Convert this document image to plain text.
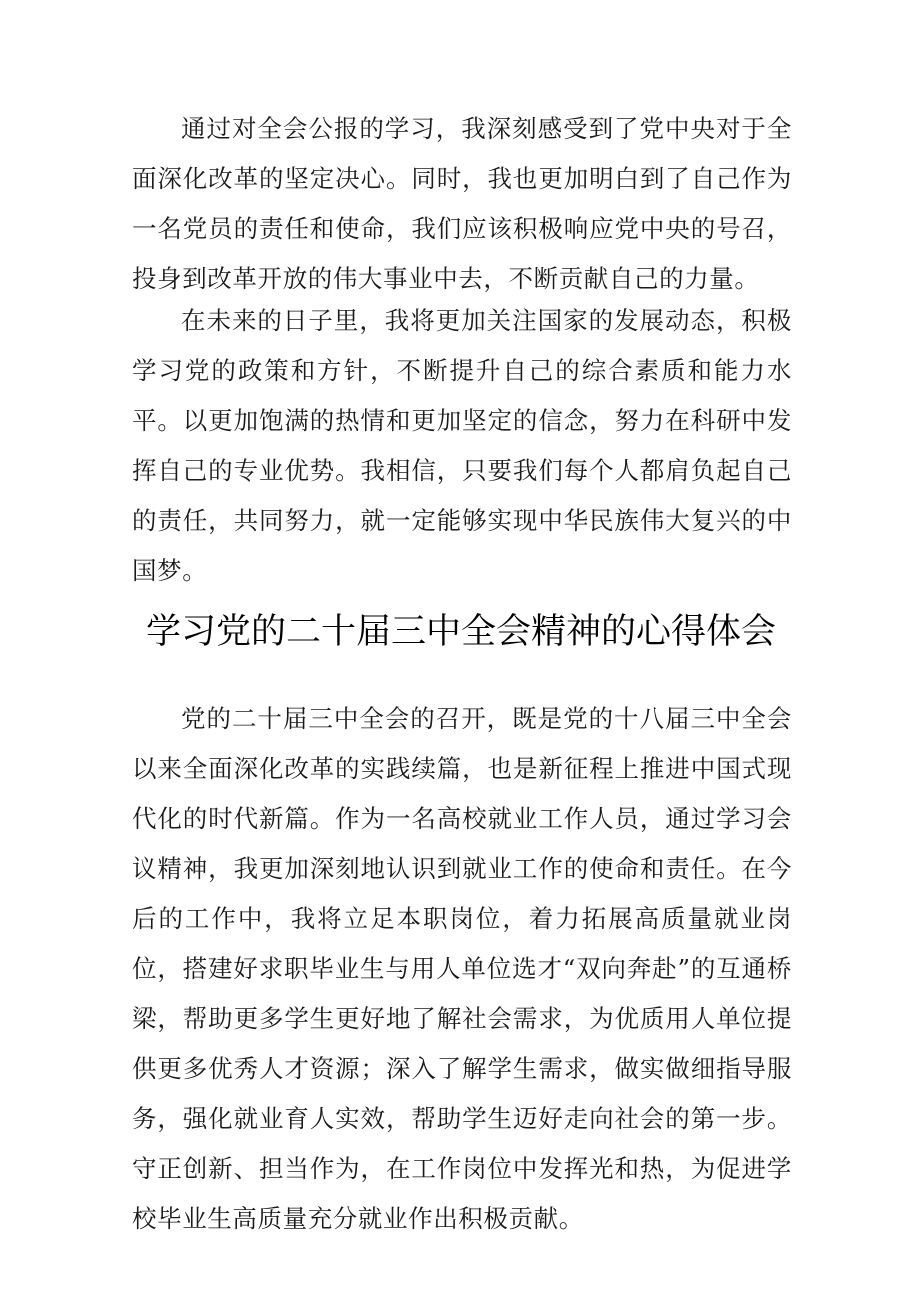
通过对全会公报的学习，我深刻感受到了党中央对于全面深化改革的坚定决心。同时，我也更加明白到了自己作为一名党员的责任和使命，我们应该积极响应党中央的号召，投身到改革开放的伟大事业中去，不断贡献自己的力量。

在未来的日子里，我将更加关注国家的发展动态，积极学习党的政策和方针，不断提升自己的综合素质和能力水平。以更加饱满的热情和更加坚定的信念，努力在科研中发挥自己的专业优势。我相信，只要我们每个人都肩负起自己的责任，共同努力，就一定能够实现中华民族伟大复兴的中国梦。

学习党的二十届三中全会精神的心得体会

党的二十届三中全会的召开，既是党的十八届三中全会以来全面深化改革的实践续篇，也是新征程上推进中国式现代化的时代新篇。作为一名高校就业工作人员，通过学习会议精神，我更加深刻地认识到就业工作的使命和责任。在今后的工作中，我将立足本职岗位，着力拓展高质量就业岗位，搭建好求职毕业生与用人单位选才“双向奔赴”的互通桥梁，帮助更多学生更好地了解社会需求，为优质用人单位提供更多优秀人才资源；深入了解学生需求，做实做细指导服务，强化就业育人实效，帮助学生迈好走向社会的第一步。守正创新、担当作为，在工作岗位中发挥光和热，为促进学校毕业生高质量充分就业作出积极贡献。
